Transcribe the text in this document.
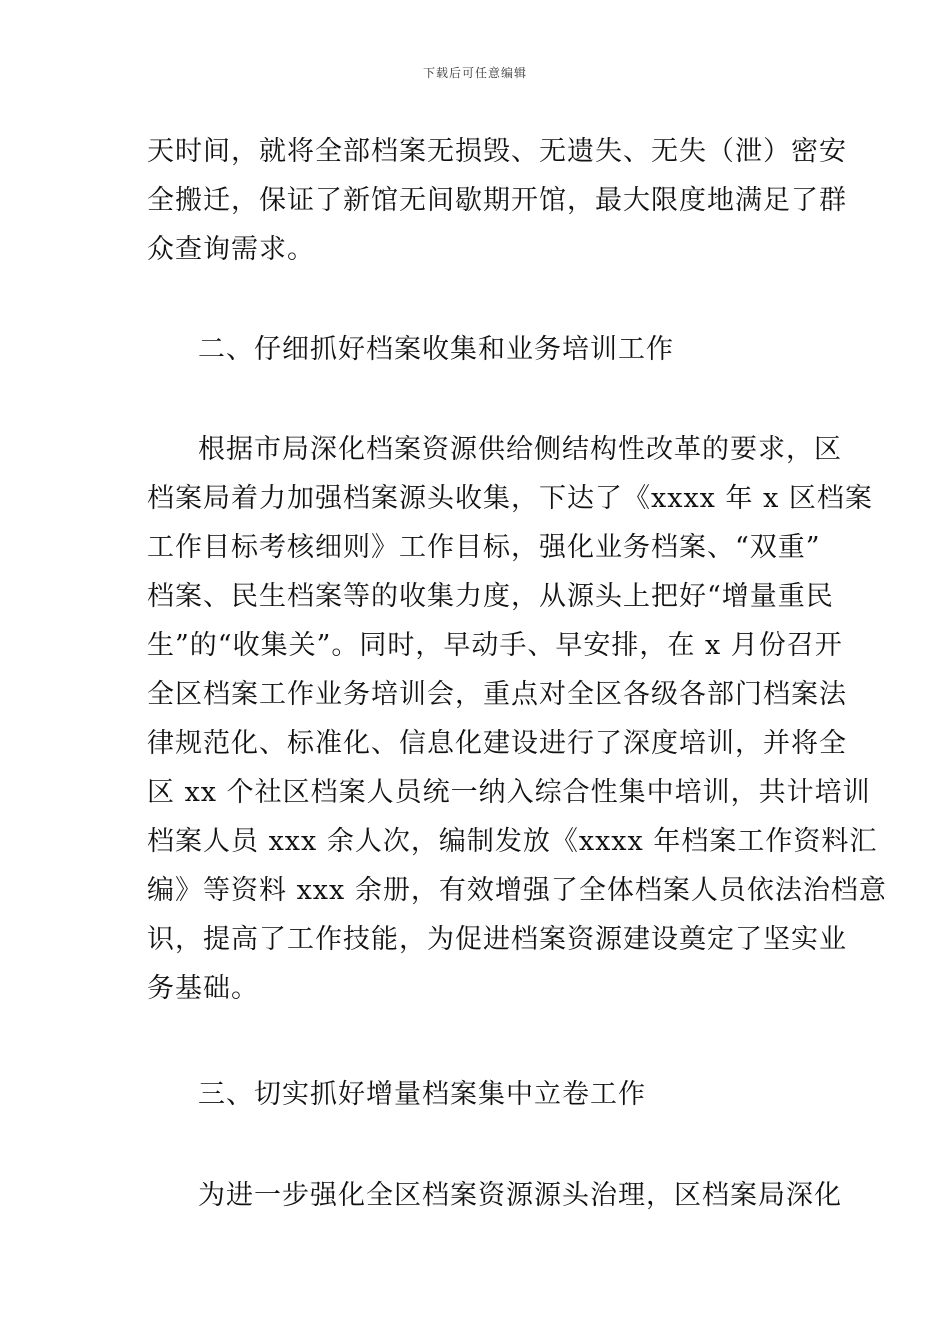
下载后可任意编辑
天时间，就将全部档案无损毁、无遗失、无失（泄）密安
全搬迁，保证了新馆无间歇期开馆，最大限度地满足了群
众查询需求。
二、仔细抓好档案收集和业务培训工作
根据市局深化档案资源供给侧结构性改革的要求，区
档案局着力加强档案源头收集，下达了《xxxx 年 x 区档案
工作目标考核细则》工作目标，强化业务档案、“双重”
档案、民生档案等的收集力度，从源头上把好“增量重民
生”的“收集关”。同时，早动手、早安排，在 x 月份召开
全区档案工作业务培训会，重点对全区各级各部门档案法
律规范化、标准化、信息化建设进行了深度培训，并将全
区 xx 个社区档案人员统一纳入综合性集中培训，共计培训
档案人员 xxx 余人次，编制发放《xxxx 年档案工作资料汇
编》等资料 xxx 余册，有效增强了全体档案人员依法治档意
识，提高了工作技能，为促进档案资源建设奠定了坚实业
务基础。
三、切实抓好增量档案集中立卷工作
为进一步强化全区档案资源源头治理，区档案局深化
